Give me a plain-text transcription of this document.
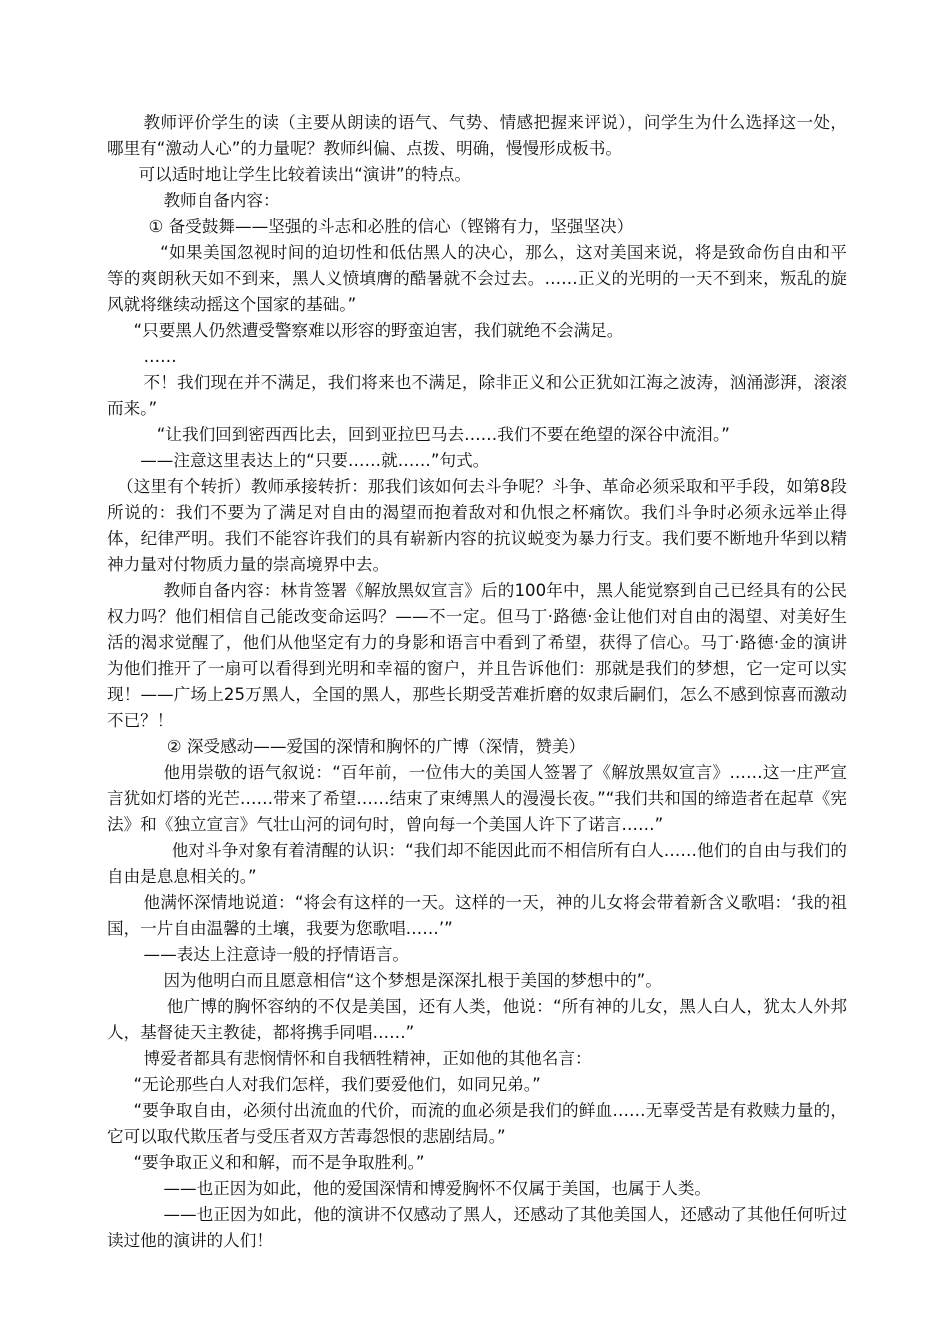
教师评价学生的读（主要从朗读的语气、气势、情感把握来评说），问学生为什么选择这一处，哪里有“激动人心”的力量呢？教师纠偏、点拨、明确，慢慢形成板书。

可以适时地让学生比较着读出“演讲”的特点。

教师自备内容：

① 备受鼓舞——坚强的斗志和必胜的信心（铿锵有力，坚强坚决）

“如果美国忽视时间的迫切性和低估黑人的决心，那么，这对美国来说，将是致命伤自由和平等的爽朗秋天如不到来，黑人义愤填膺的酷暑就不会过去。……正义的光明的一天不到来，叛乱的旋风就将继续动摇这个国家的基础。”

“只要黑人仍然遭受警察难以形容的野蛮迫害，我们就绝不会满足。

……

不！我们现在并不满足，我们将来也不满足，除非正义和公正犹如江海之波涛，汹涌澎湃，滚滚而来。”

“让我们回到密西西比去，回到亚拉巴马去……我们不要在绝望的深谷中流泪。”

——注意这里表达上的“只要……就……”句式。

（这里有个转折）教师承接转折：那我们该如何去斗争呢？斗争、革命必须采取和平手段，如第8段所说的：我们不要为了满足对自由的渴望而抱着敌对和仇恨之杯痛饮。我们斗争时必须永远举止得体，纪律严明。我们不能容许我们的具有崭新内容的抗议蜕变为暴力行支。我们要不断地升华到以精神力量对付物质力量的崇高境界中去。

教师自备内容：林肯签署《解放黑奴宣言》后的100年中，黑人能觉察到自己已经具有的公民权力吗？他们相信自己能改变命运吗？——不一定。但马丁·路德·金让他们对自由的渴望、对美好生活的渴求觉醒了，他们从他坚定有力的身影和语言中看到了希望，获得了信心。马丁·路德·金的演讲为他们推开了一扇可以看得到光明和幸福的窗户，并且告诉他们：那就是我们的梦想，它一定可以实现！——广场上25万黑人，全国的黑人，那些长期受苦难折磨的奴隶后嗣们，怎么不感到惊喜而激动不已？！

② 深受感动——爱国的深情和胸怀的广博（深情，赞美）

他用崇敬的语气叙说：“百年前，一位伟大的美国人签署了《解放黑奴宣言》……这一庄严宣言犹如灯塔的光芒……带来了希望……结束了束缚黑人的漫漫长夜。”“我们共和国的缔造者在起草《宪法》和《独立宣言》气壮山河的词句时，曾向每一个美国人许下了诺言……”

他对斗争对象有着清醒的认识：“我们却不能因此而不相信所有白人……他们的自由与我们的自由是息息相关的。”

他满怀深情地说道：“将会有这样的一天。这样的一天，神的儿女将会带着新含义歌唱：‘我的祖国，一片自由温馨的土壤，我要为您歌唱……’”

——表达上注意诗一般的抒情语言。

因为他明白而且愿意相信“这个梦想是深深扎根于美国的梦想中的”。

他广博的胸怀容纳的不仅是美国，还有人类，他说：“所有神的儿女，黑人白人，犹太人外邦人，基督徒天主教徒，都将携手同唱……”

博爱者都具有悲悯情怀和自我牺牲精神，正如他的其他名言：

“无论那些白人对我们怎样，我们要爱他们，如同兄弟。”

“要争取自由，必须付出流血的代价，而流的血必须是我们的鲜血……无辜受苦是有救赎力量的，它可以取代欺压者与受压者双方苦毒怨恨的悲剧结局。”

“要争取正义和和解，而不是争取胜利。”

——也正因为如此，他的爱国深情和博爱胸怀不仅属于美国，也属于人类。

——也正因为如此，他的演讲不仅感动了黑人，还感动了其他美国人，还感动了其他任何听过读过他的演讲的人们！
